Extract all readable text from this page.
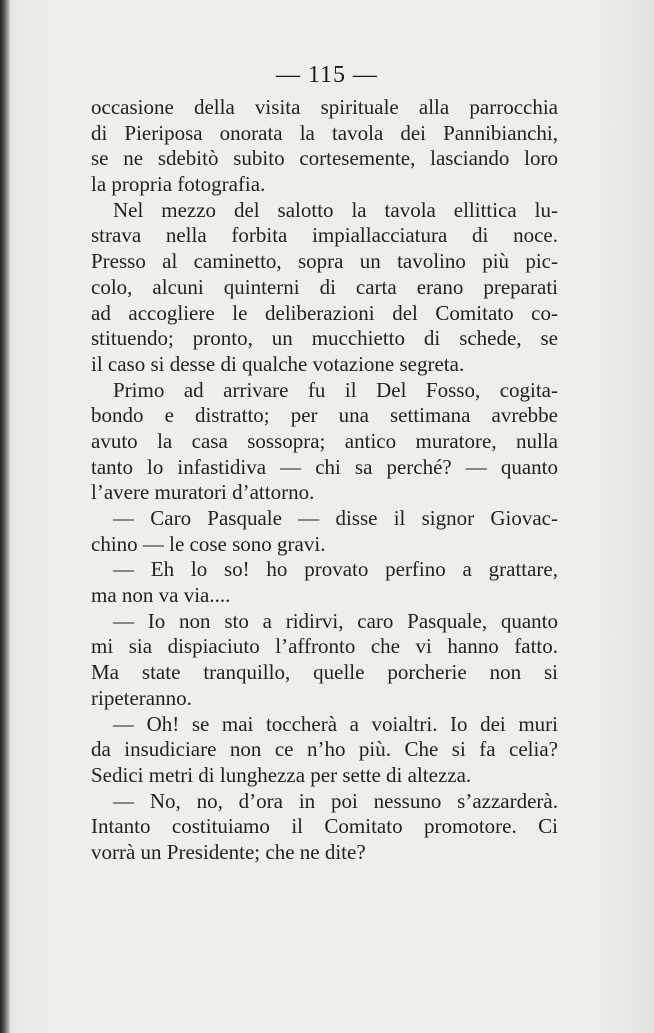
— 115 —
occasione della visita spirituale alla parrocchia
di Pieriposa onorata la tavola dei Pannibianchi,
se ne sdebitò subito cortesemente, lasciando loro
la propria fotografia.
Nel mezzo del salotto la tavola ellittica lu-
strava nella forbita impiallacciatura di noce.
Presso al caminetto, sopra un tavolino più pic-
colo, alcuni quinterni di carta erano preparati
ad accogliere le deliberazioni del Comitato co-
stituendo; pronto, un mucchietto di schede, se
il caso si desse di qualche votazione segreta.
Primo ad arrivare fu il Del Fosso, cogita-
bondo e distratto; per una settimana avrebbe
avuto la casa sossopra; antico muratore, nulla
tanto lo infastidiva — chi sa perché? — quanto
l’avere muratori d’attorno.
— Caro Pasquale — disse il signor Giovac-
chino — le cose sono gravi.
— Eh lo so! ho provato perfino a grattare,
ma non va via....
— Io non sto a ridirvi, caro Pasquale, quanto
mi sia dispiaciuto l’affronto che vi hanno fatto.
Ma state tranquillo, quelle porcherie non si
ripeteranno.
— Oh! se mai toccherà a voialtri. Io dei muri
da insudiciare non ce n’ho più. Che si fa celia?
Sedici metri di lunghezza per sette di altezza.
— No, no, d’ora in poi nessuno s’azzarderà.
Intanto costituiamo il Comitato promotore. Ci
vorrà un Presidente; che ne dite?
